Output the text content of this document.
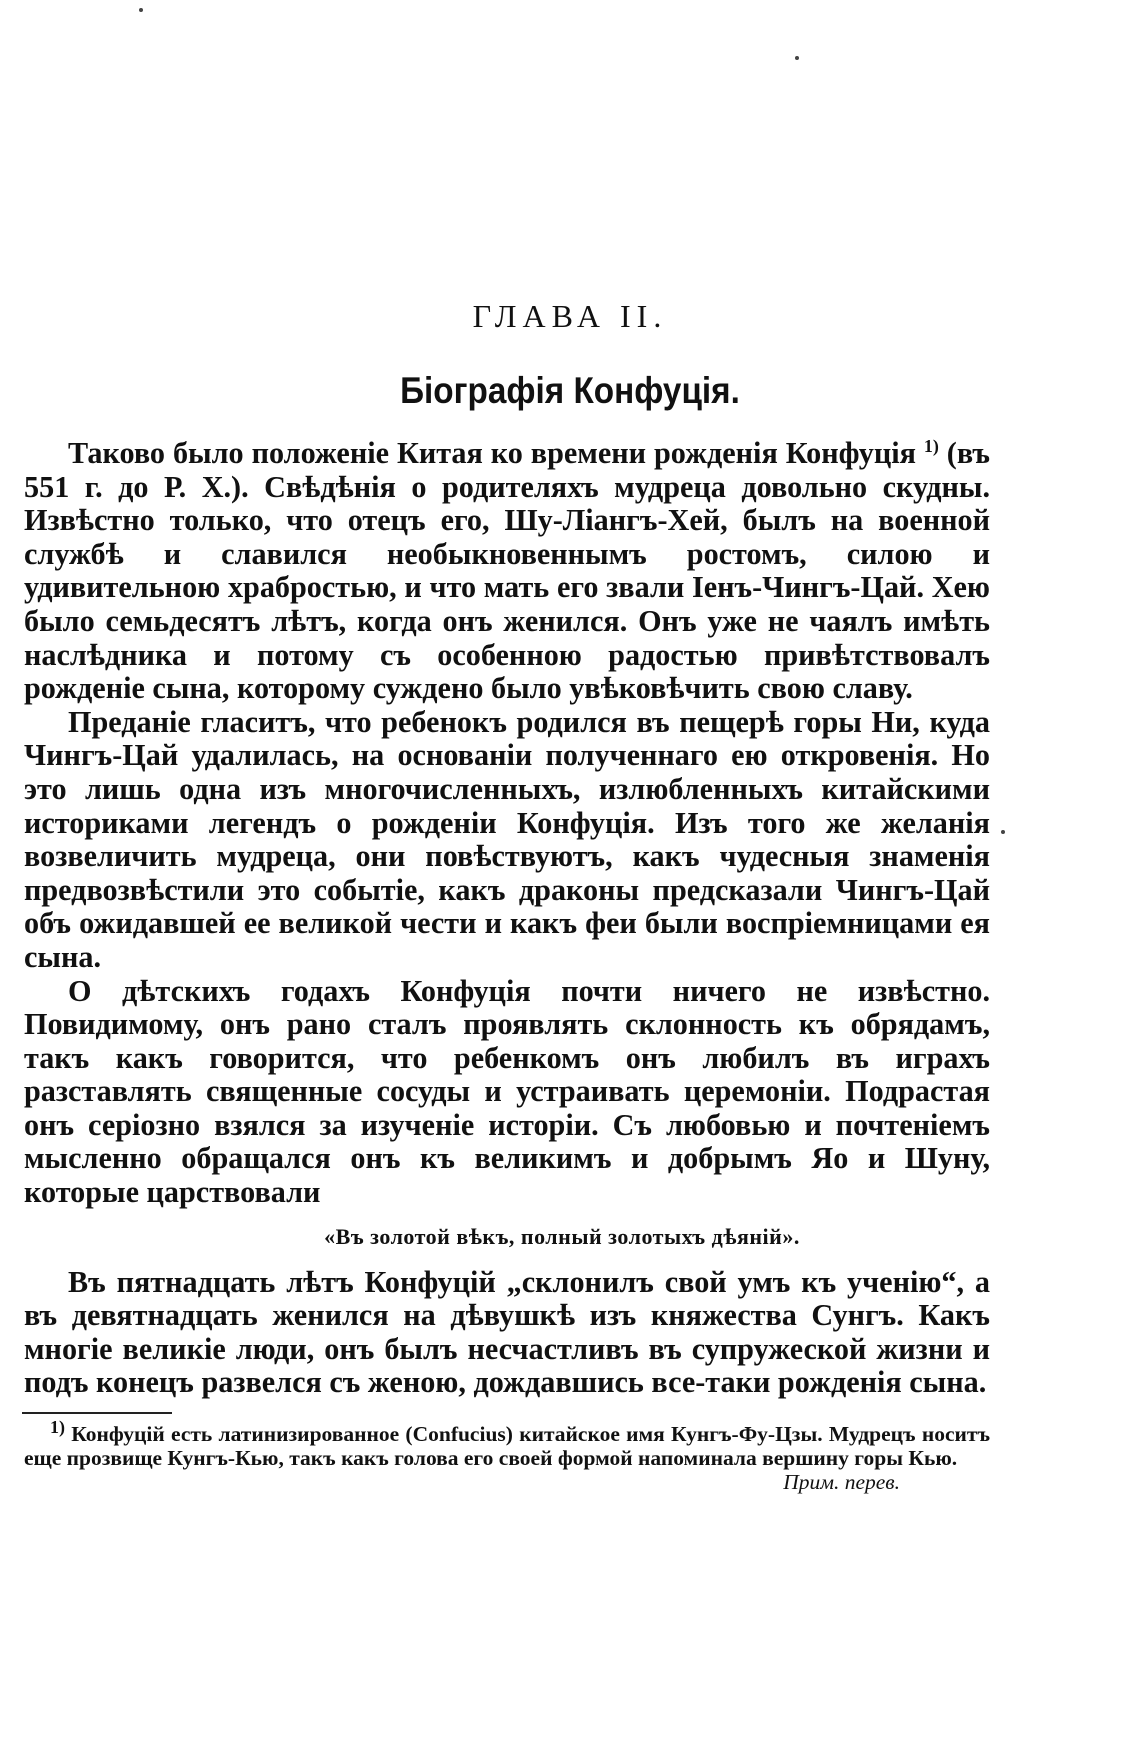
ГЛАВА II.
Біографія Конфуція.

Таково было положеніе Китая ко времени рожденія Конфуція $^{1)}$ (въ 551 г. до Р. Х.). Свѣдѣнія о родителяхъ мудреца довольно скудны. Извѣстно только, что отецъ его, Шу-Ліангъ-Хей, былъ на военной службѣ и славился необыкновеннымъ ростомъ, силою и удивительною храбростью, и что мать его звали Іенъ-Чингъ-Цай. Хею было семьдесятъ лѣтъ, когда онъ женился. Онъ уже не чаялъ имѣть наслѣдника и потому съ особенною радостью привѣтствовалъ рожденіе сына, которому суждено было увѣковѣчить свою славу.

Преданіе гласитъ, что ребенокъ родился въ пещерѣ горы Ни, куда Чингъ-Цай удалилась, на основаніи полученнаго ею откровенія. Но это лишь одна изъ многочисленныхъ, излюбленныхъ китайскими историками легендъ о рожденіи Конфуція. Изъ того же желанія возвеличить мудреца, они повѣствуютъ, какъ чудесныя знаменія предвозвѣстили это событіе, какъ драконы предсказали Чингъ-Цай объ ожидавшей ее великой чести и какъ феи были воспріемницами ея сына.

О дѣтскихъ годахъ Конфуція почти ничего не извѣстно. Повидимому, онъ рано сталъ проявлять склонность къ обрядамъ, такъ какъ говорится, что ребенкомъ онъ любилъ въ играхъ разставлять священные сосуды и устраивать церемоніи. Подрастая онъ серіозно взялся за изученіе исторіи. Съ любовью и почтеніемъ мысленно обращался онъ къ великимъ и добрымъ Яо и Шуну, которые царствовали

«Въ золотой вѣкъ, полный золотыхъ дѣяній».

Въ пятнадцать лѣтъ Конфуцій „склонилъ свой умъ къ ученію“, а въ девятнадцать женился на дѣвушкѣ изъ княжества Сунгъ. Какъ многіе великіе люди, онъ былъ несчастливъ въ супружеской жизни и подъ конецъ развелся съ женою, дождавшись все-таки рожденія сына.

$^{1)}$ Конфуцій есть латинизированное (Confucius) китайское имя Кунгъ-Фу-Цзы. Мудрецъ носитъ еще прозвище Кунгъ-Кью, такъ какъ голова его своей формой напоминала вершину горы Кью.
Прим. перев.
